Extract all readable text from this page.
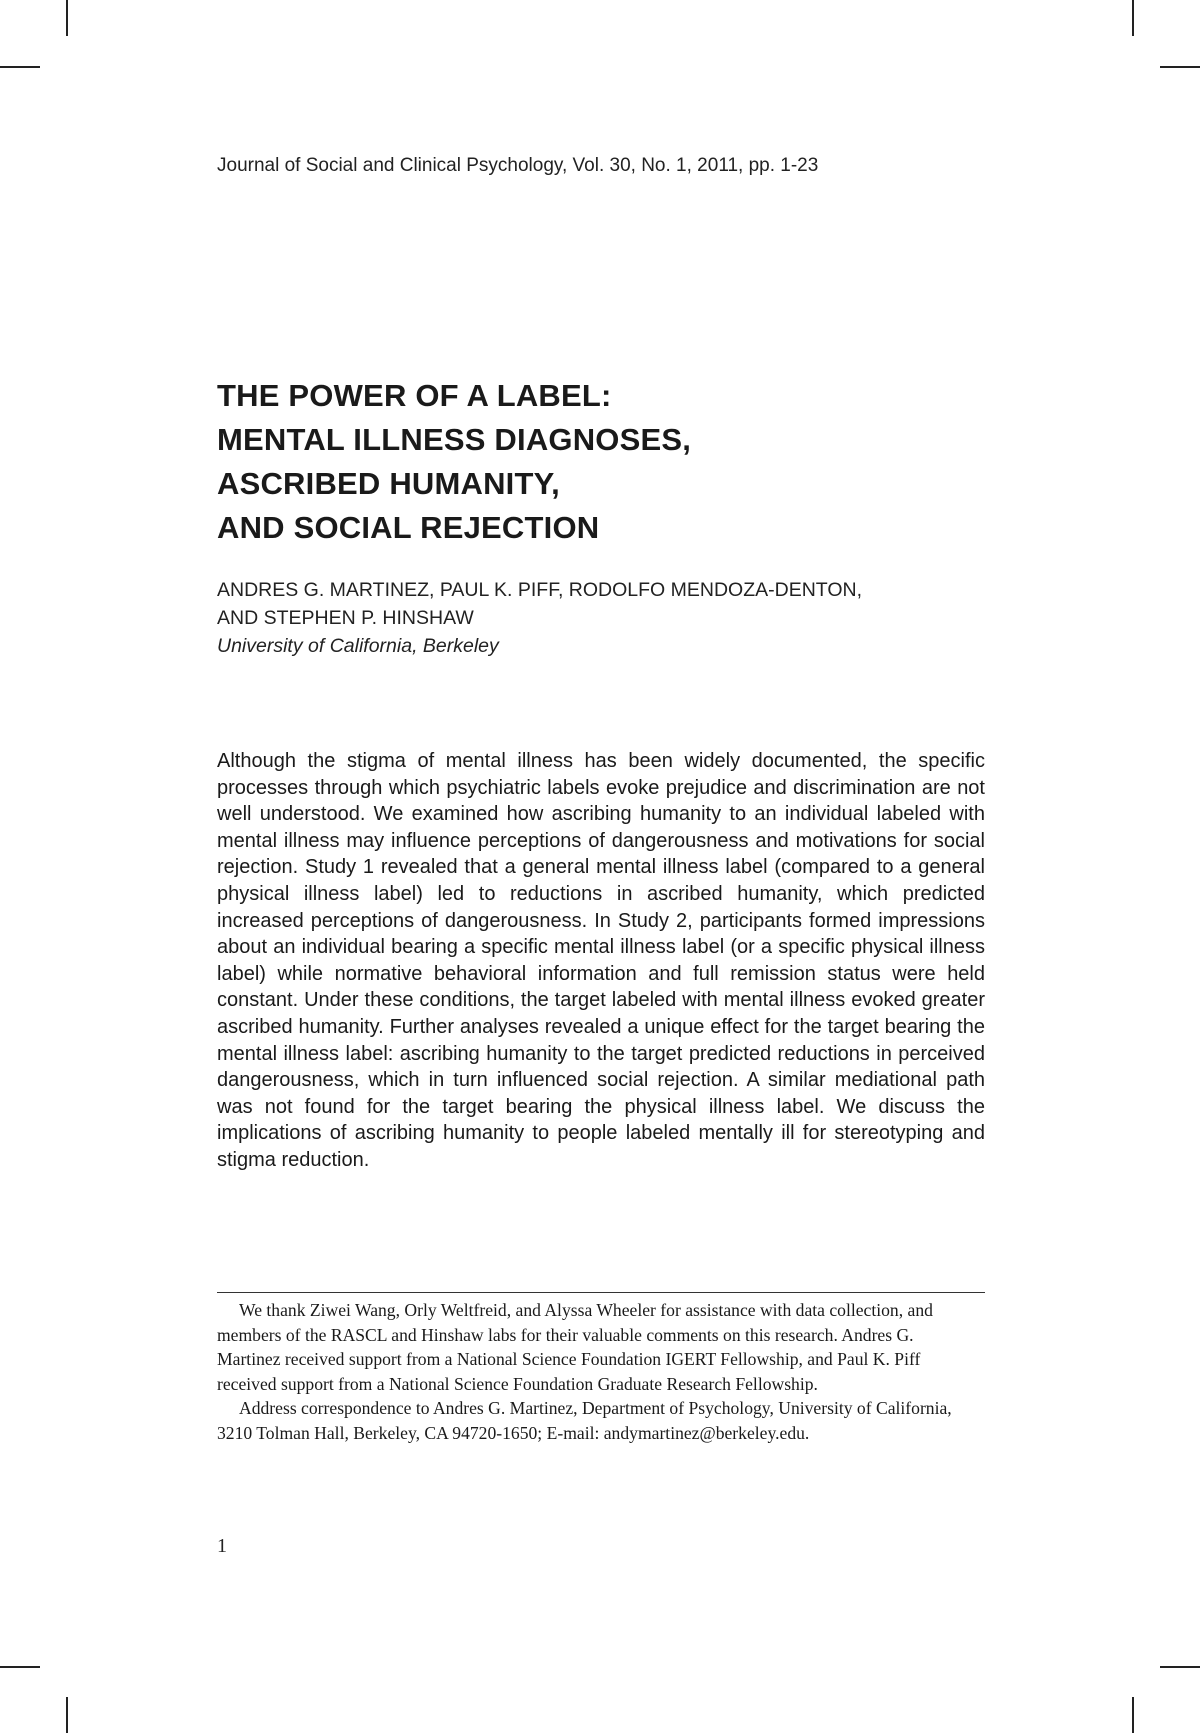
Journal of Social and Clinical Psychology, Vol. 30, No. 1, 2011, pp. 1-23
THE POWER OF A LABEL:
MENTAL ILLNESS DIAGNOSES,
ASCRIBED HUMANITY,
AND SOCIAL REJECTION
ANDRES G. MARTINEZ, PAUL K. PIFF, RODOLFO MENDOZA-DENTON,
AND STEPHEN P. HINSHAW
University of California, Berkeley

Although the stigma of mental illness has been widely documented, the specific processes through which psychiatric labels evoke prejudice and discrimination are not well understood. We examined how ascribing humanity to an individual labeled with mental illness may influence perceptions of dangerousness and motivations for social rejection. Study 1 revealed that a general mental illness label (compared to a general physical illness label) led to reductions in ascribed humanity, which predicted increased perceptions of dangerousness. In Study 2, participants formed impressions about an individual bearing a specific mental illness label (or a specific physical illness label) while normative behavioral information and full remission status were held constant. Under these conditions, the target labeled with mental illness evoked greater ascribed humanity. Further analyses revealed a unique effect for the target bearing the mental illness label: ascribing humanity to the target predicted reductions in perceived dangerousness, which in turn influenced social rejection. A similar mediational path was not found for the target bearing the physical illness label. We discuss the implications of ascribing humanity to people labeled mentally ill for stereotyping and stigma reduction.

We thank Ziwei Wang, Orly Weltfreid, and Alyssa Wheeler for assistance with data collection, and members of the RASCL and Hinshaw labs for their valuable comments on this research. Andres G. Martinez received support from a National Science Foundation IGERT Fellowship, and Paul K. Piff received support from a National Science Foundation Graduate Research Fellowship.

Address correspondence to Andres G. Martinez, Department of Psychology, University of California, 3210 Tolman Hall, Berkeley, CA 94720-1650; E-mail: andymartinez@berkeley.edu.

1
